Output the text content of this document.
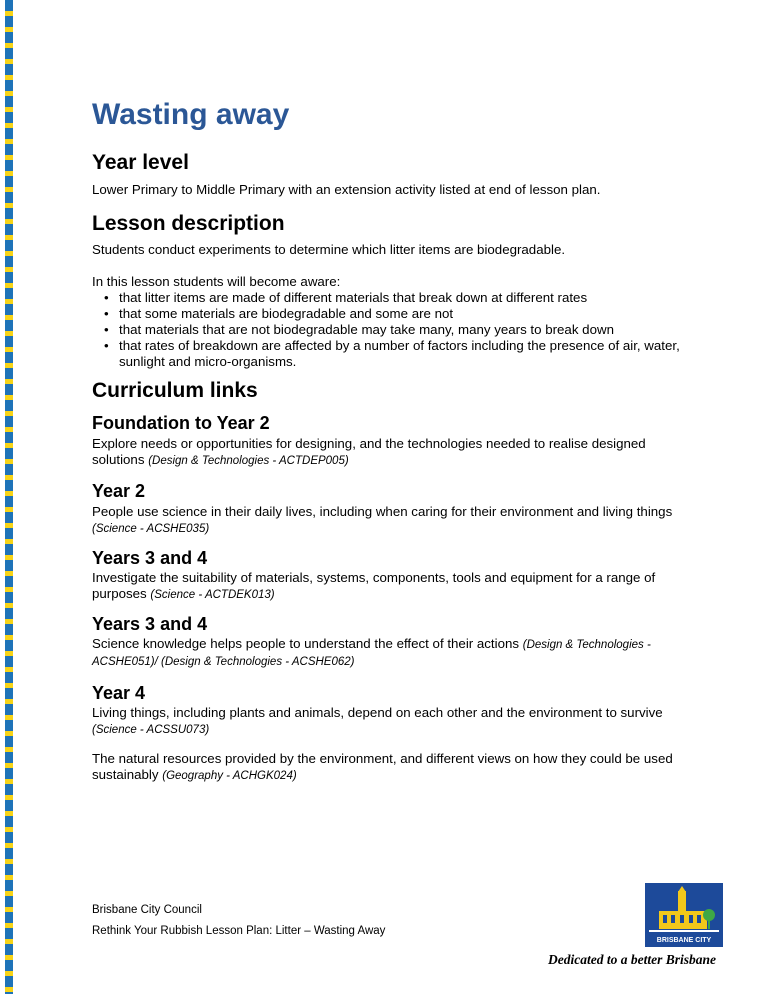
Wasting away
Year level

Lower Primary to Middle Primary with an extension activity listed at end of lesson plan.

Lesson description

Students conduct experiments to determine which litter items are biodegradable.

In this lesson students will become aware:

• that litter items are made of different materials that break down at different rates
• that some materials are biodegradable and some are not
• that materials that are not biodegradable may take many, many years to break down
• that rates of breakdown are affected by a number of factors including the presence of air, water, sunlight and micro-organisms.
Curriculum links
Foundation to Year 2

Explore needs or opportunities for designing, and the technologies needed to realise designed solutions (Design & Technologies - ACTDEP005)

Year 2

People use science in their daily lives, including when caring for their environment and living things (Science - ACSHE035)

Years 3 and 4

Investigate the suitability of materials, systems, components, tools and equipment for a range of purposes (Science - ACTDEK013)

Years 3 and 4

Science knowledge helps people to understand the effect of their actions (Design & Technologies - ACSHE051)/ (Design & Technologies - ACSHE062)

Year 4

Living things, including plants and animals, depend on each other and the environment to survive (Science - ACSSU073)

The natural resources provided by the environment, and different views on how they could be used sustainably (Geography - ACHGK024)

Brisbane City Council
Rethink Your Rubbish Lesson Plan: Litter – Wasting Away
BRISBANE CITY
Dedicated to a better Brisbane
